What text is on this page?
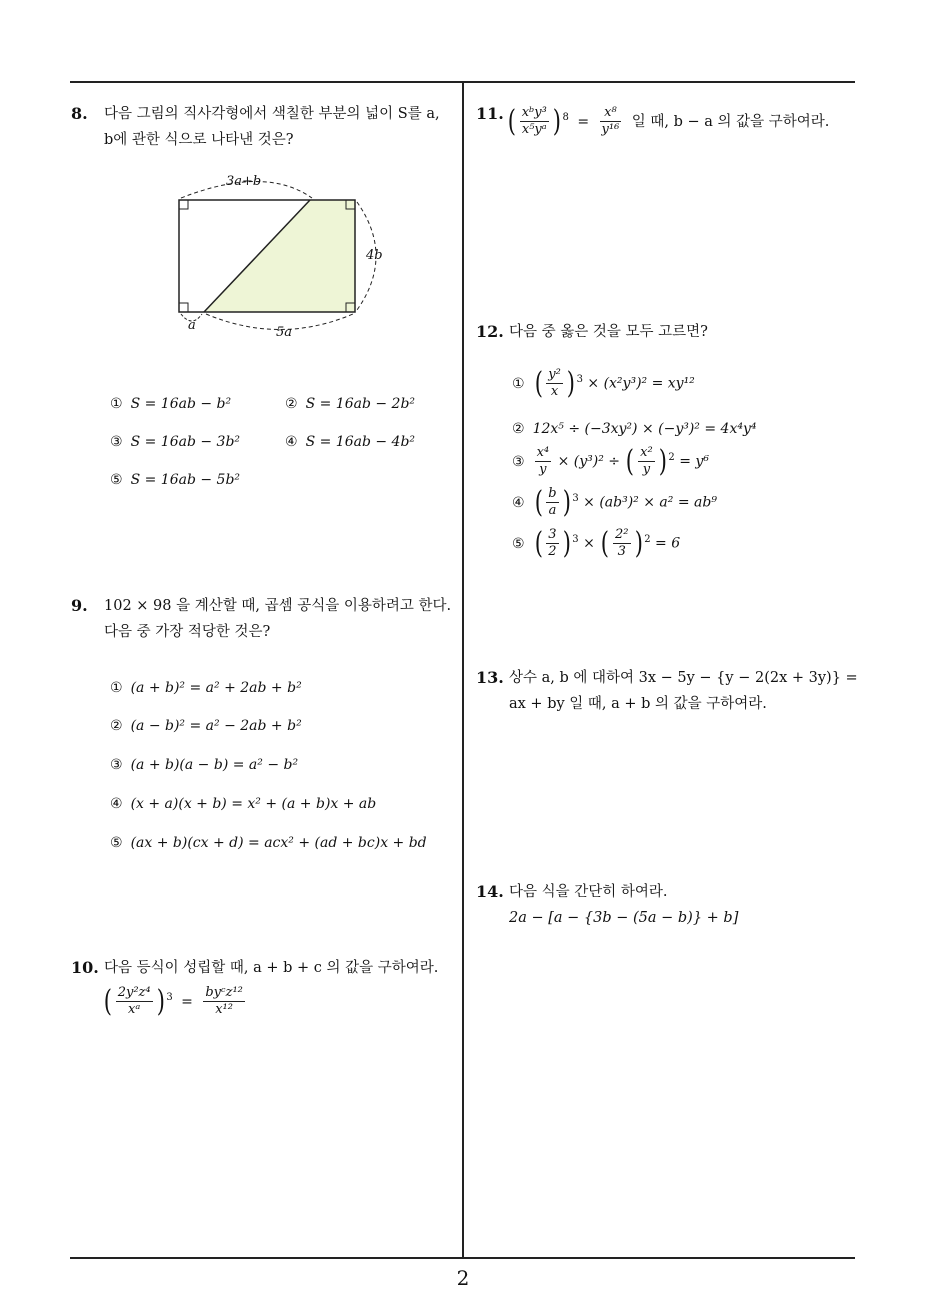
8. 다음 그림의 직사각형에서 색칠한 부분의 넓이 S를 a,
b에 관한 식으로 나타낸 것은?
3a+b
4b
a	5a
① S = 16ab − b²	② S = 16ab − 2b²
③ S = 16ab − 3b²	④ S = 16ab − 4b²
⑤ S = 16ab − 5b²
9. 102 × 98 을 계산할 때, 곱셈 공식을 이용하려고 한다.
다음 중 가장 적당한 것은?
① (a + b)² = a² + 2ab + b²
② (a − b)² = a² − 2ab + b²
③ (a + b)(a − b) = a² − b²
④ (x + a)(x + b) = x² + (a + b)x + ab
⑤ (ax + b)(cx + d) = acx² + (ad + bc)x + bd
10. 다음 등식이 성립할 때, a + b + c 의 값을 구하여라.
( $\frac{\text{2y²z⁴}}{\text{xᵃ}}$ ) $^3 = \frac{\text{byᶜz¹²}}{\text{x¹²}}$
11. ( $\frac{\text{xᵇy³}}{\text{x⁵yᵃ}}$ ) $^8 = \frac{\text{x⁸}}{\text{y¹⁶}}$ 일 때, b − a 의 값을 구하여라.
12. 다음 중 옳은 것을 모두 고르면?
① ( $\frac{\text{y²}}{x}$ ) $^3$ × (x²y³)² = xy¹²
② 12x⁵ ÷ (−3xy²) × (−y³)² = 4x⁴y⁴
③ $\frac{\text{x⁴}}{y} \times (y^3)^2$ ÷ ( $\frac{\text{x²}}{y}$ ) $^2$ = y⁶
④ ( $\frac{b}{a}$ ) $^3$ × (ab³)² × a² = ab⁹
⑤ ( $\frac{3}{2}$ ) $^3$ × ( $\frac{\text{2²}}{3}$ ) $^2$ = 6
13. 상수 a, b 에 대하여 3x − 5y − {y − 2(2x + 3y)} =
ax + by 일 때, a + b 의 값을 구하여라.
14. 다음 식을 간단히 하여라.
2a − [a − {3b − (5a − b)} + b]
2
